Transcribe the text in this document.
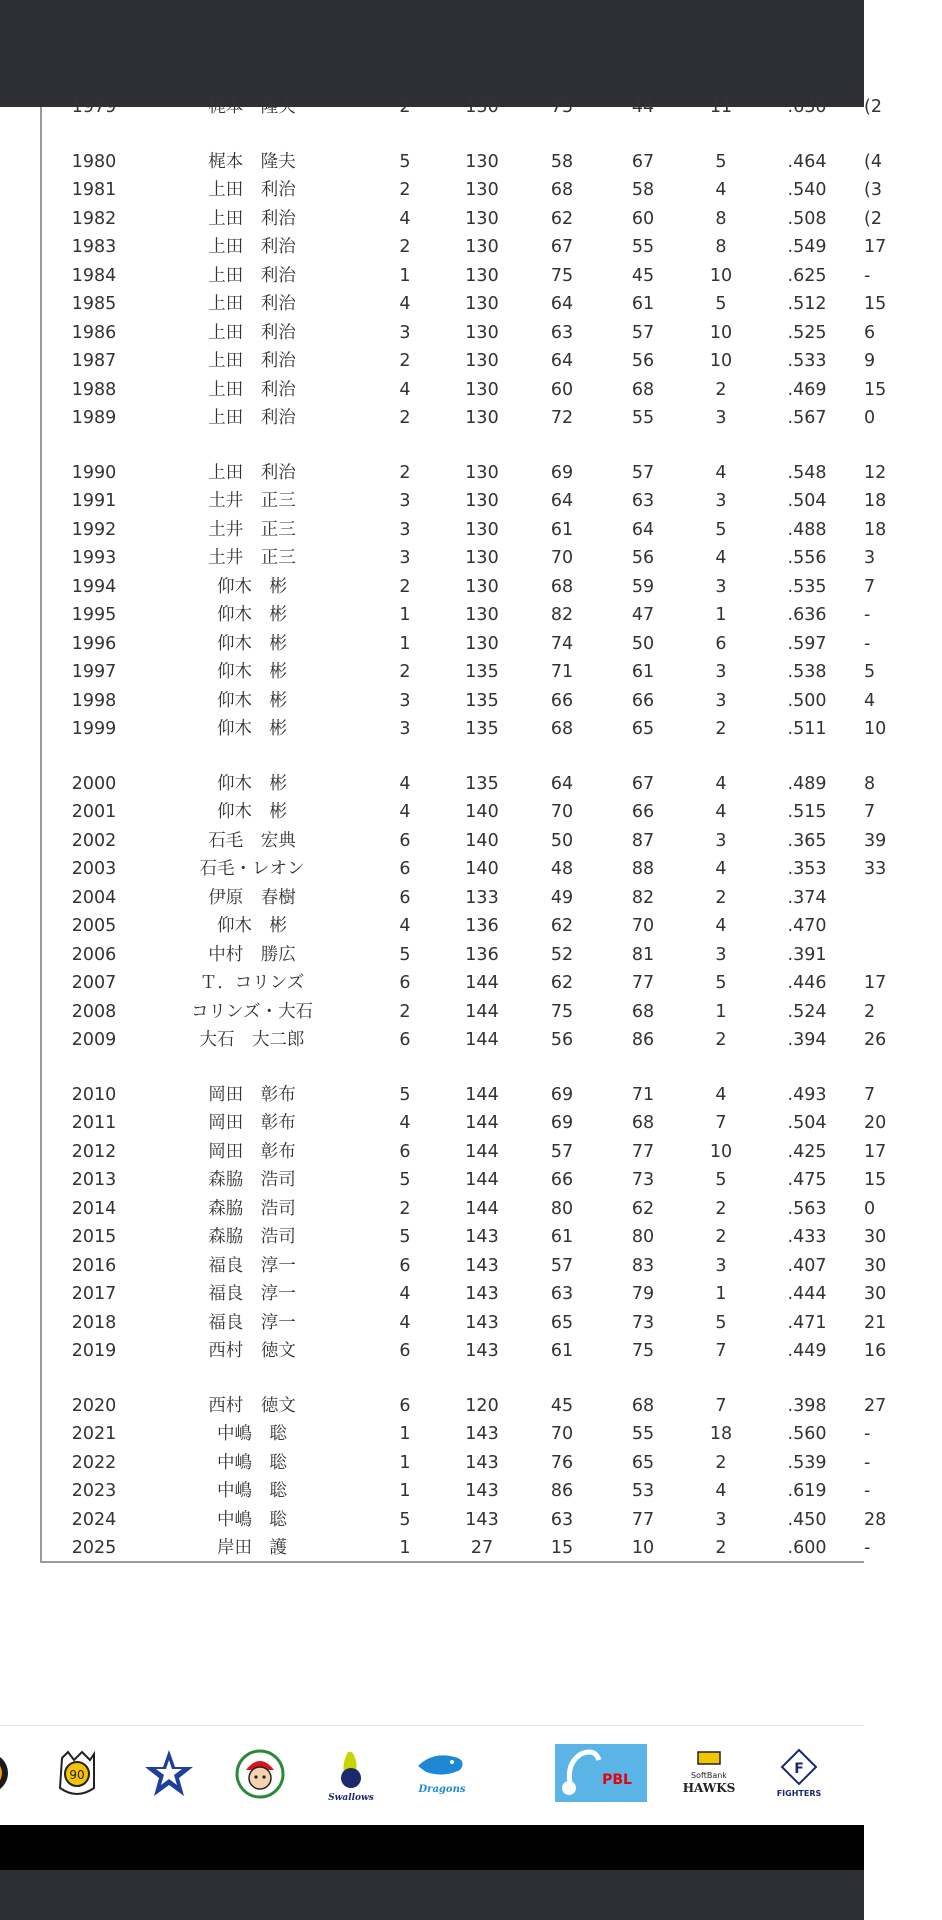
1979	梶本　隆夫	2	130	75	44	11	.630	(2
1980	梶本　隆夫	5	130	58	67	5	.464	(4
1981	上田　利治	2	130	68	58	4	.540	(3
1982	上田　利治	4	130	62	60	8	.508	(2
1983	上田　利治	2	130	67	55	8	.549	17
1984	上田　利治	1	130	75	45	10	.625	-
1985	上田　利治	4	130	64	61	5	.512	15
1986	上田　利治	3	130	63	57	10	.525	6
1987	上田　利治	2	130	64	56	10	.533	9
1988	上田　利治	4	130	60	68	2	.469	15
1989	上田　利治	2	130	72	55	3	.567	0
1990	上田　利治	2	130	69	57	4	.548	12
1991	土井　正三	3	130	64	63	3	.504	18
1992	土井　正三	3	130	61	64	5	.488	18
1993	土井　正三	3	130	70	56	4	.556	3
1994	仰木　彬	2	130	68	59	3	.535	7
1995	仰木　彬	1	130	82	47	1	.636	-
1996	仰木　彬	1	130	74	50	6	.597	-
1997	仰木　彬	2	135	71	61	3	.538	5
1998	仰木　彬	3	135	66	66	3	.500	4
1999	仰木　彬	3	135	68	65	2	.511	10
2000	仰木　彬	4	135	64	67	4	.489	8
2001	仰木　彬	4	140	70	66	4	.515	7
2002	石毛　宏典	6	140	50	87	3	.365	39
2003	石毛・レオン	6	140	48	88	4	.353	33
2004	伊原　春樹	6	133	49	82	2	.374
2005	仰木　彬	4	136	62	70	4	.470
2006	中村　勝広	5	136	52	81	3	.391
2007	Ｔ．コリンズ	6	144	62	77	5	.446	17
2008	コリンズ・大石	2	144	75	68	1	.524	2
2009	大石　大二郎	6	144	56	86	2	.394	26
2010	岡田　彰布	5	144	69	71	4	.493	7
2011	岡田　彰布	4	144	69	68	7	.504	20
2012	岡田　彰布	6	144	57	77	10	.425	17
2013	森脇　浩司	5	144	66	73	5	.475	15
2014	森脇　浩司	2	144	80	62	2	.563	0
2015	森脇　浩司	5	143	61	80	2	.433	30
2016	福良　淳一	6	143	57	83	3	.407	30
2017	福良　淳一	4	143	63	79	1	.444	30
2018	福良　淳一	4	143	65	73	5	.471	21
2019	西村　徳文	6	143	61	75	7	.449	16
2020	西村　徳文	6	120	45	68	7	.398	27
2021	中嶋　聡	1	143	70	55	18	.560	-
2022	中嶋　聡	1	143	76	65	2	.539	-
2023	中嶋　聡	1	143	86	53	4	.619	-
2024	中嶋　聡	5	143	63	77	3	.450	28
2025	岸田　護	1	27	15	10	2	.600	-
90
Swallows
Dragons
PBL	SoftBank
HAWKS
F
FIGHTERS
